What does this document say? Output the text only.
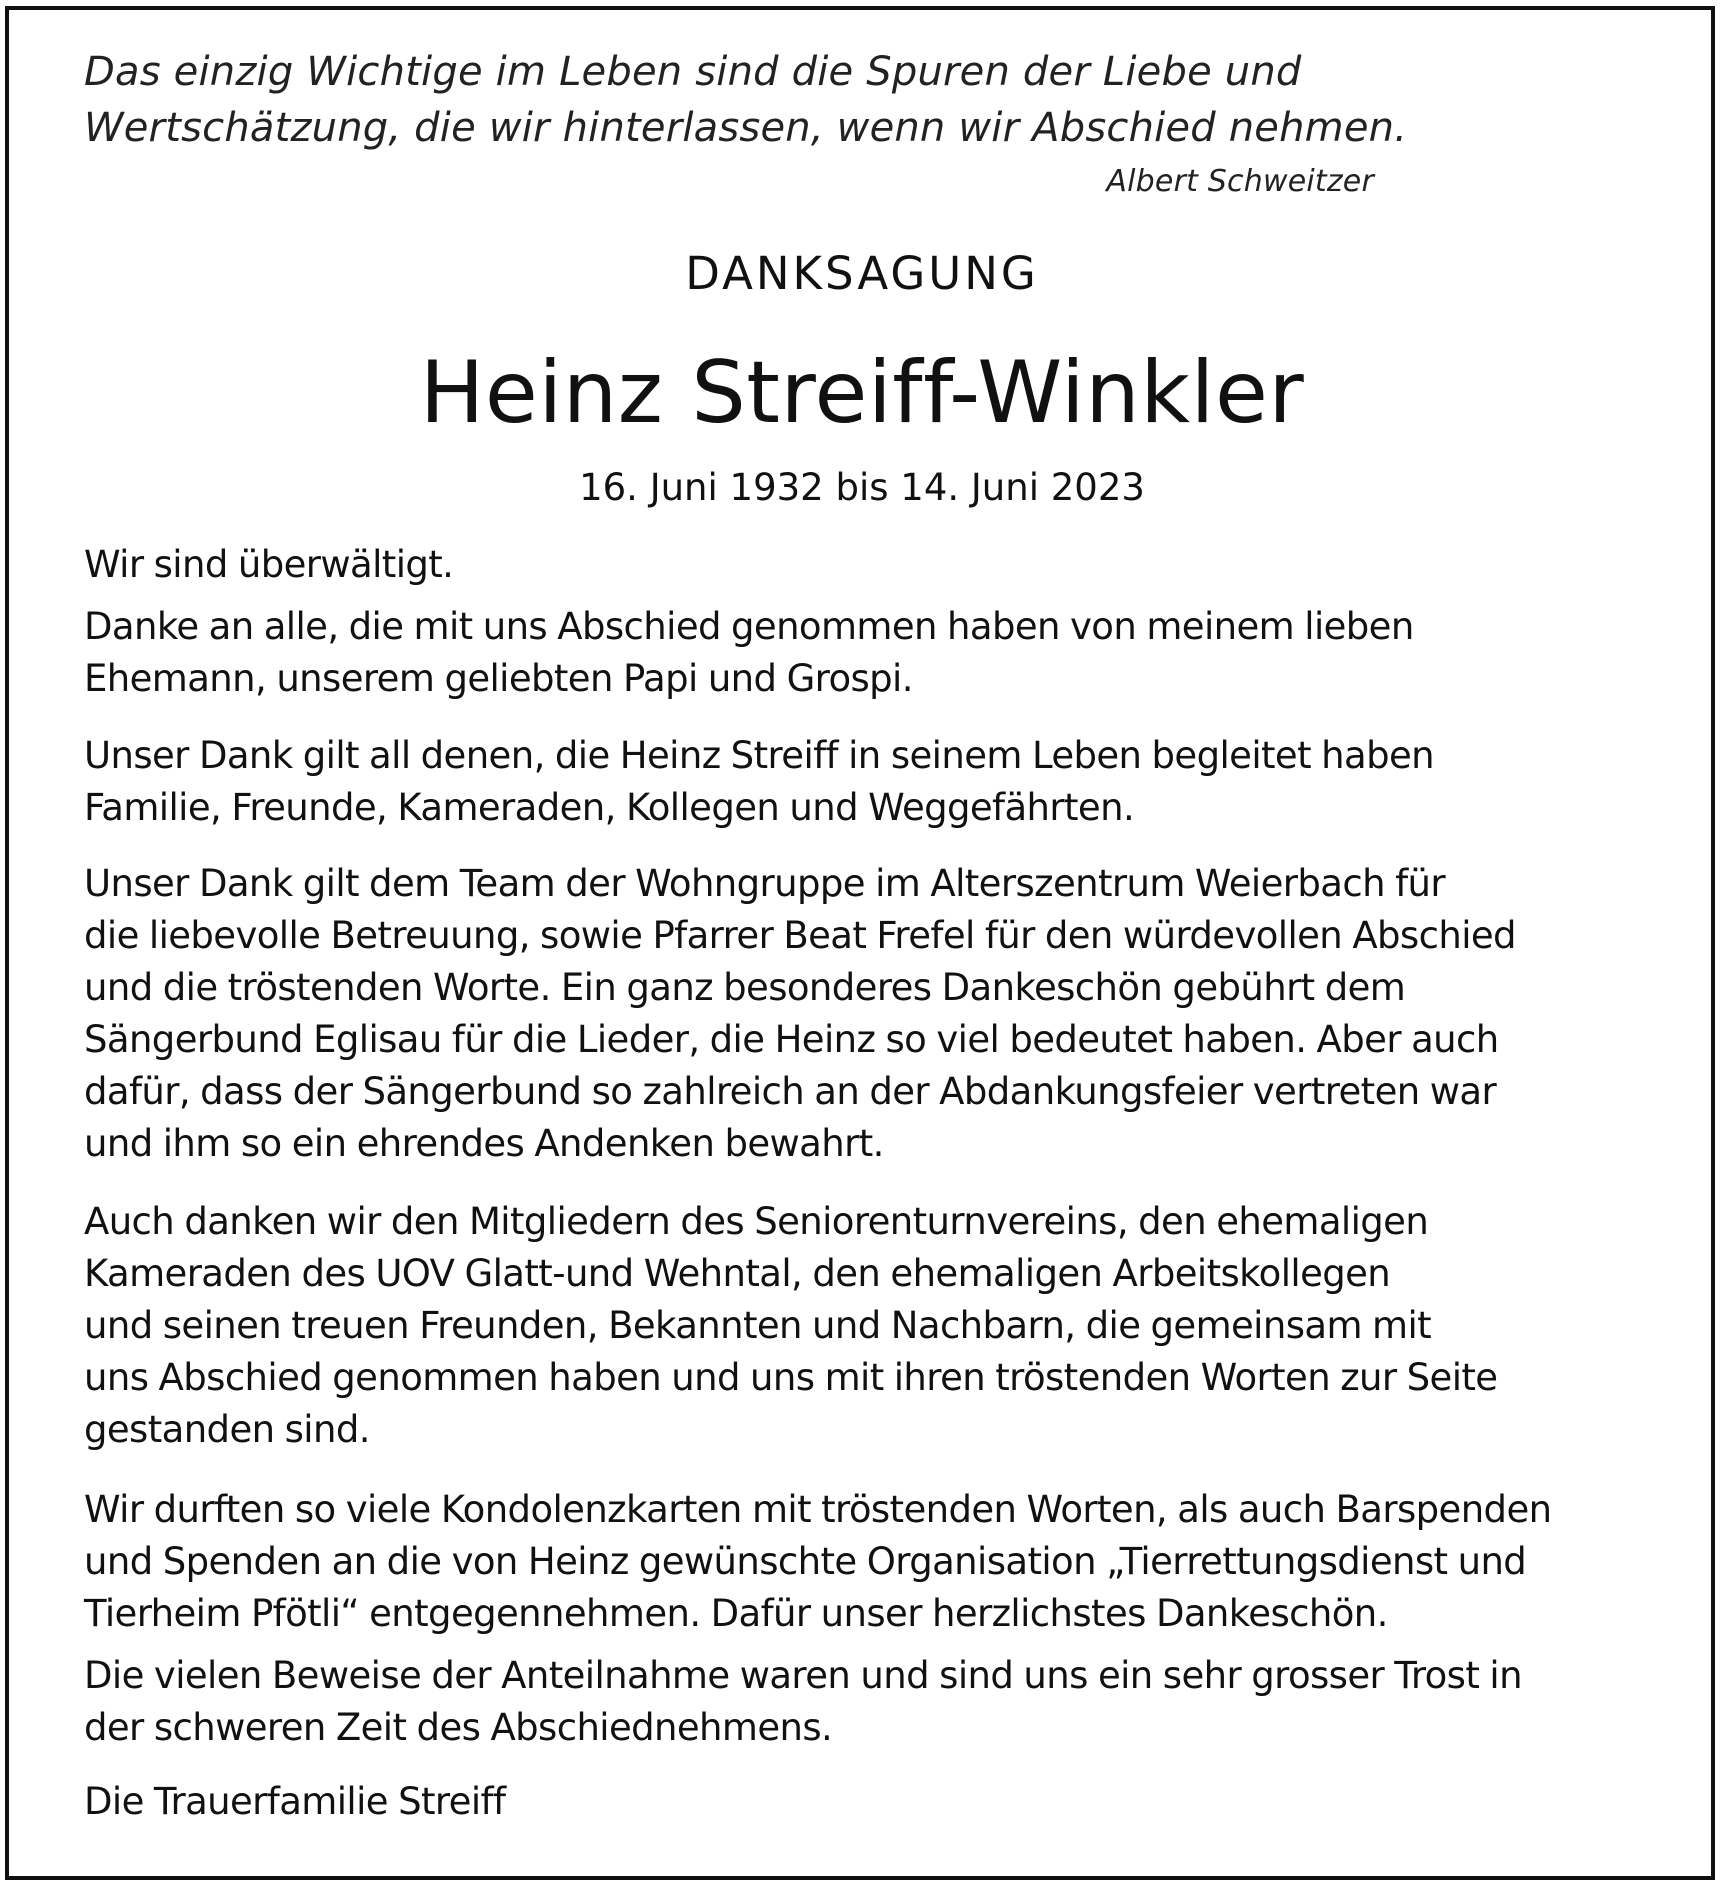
Das einzig Wichtige im Leben sind die Spuren der Liebe und
Wertschätzung, die wir hinterlassen, wenn wir Abschied nehmen.
Albert Schweitzer
DANKSAGUNG
Heinz Streiff-Winkler
16. Juni 1932 bis 14. Juni 2023
Wir sind überwältigt.
Danke an alle, die mit uns Abschied genommen haben von meinem lieben
Ehemann, unserem geliebten Papi und Grospi.
Unser Dank gilt all denen, die Heinz Streiff in seinem Leben begleitet haben
Familie, Freunde, Kameraden, Kollegen und Weggefährten.
Unser Dank gilt dem Team der Wohngruppe im Alterszentrum Weierbach für
die liebevolle Betreuung, sowie Pfarrer Beat Frefel für den würdevollen Abschied
und die tröstenden Worte. Ein ganz besonderes Dankeschön gebührt dem
Sängerbund Eglisau für die Lieder, die Heinz so viel bedeutet haben. Aber auch
dafür, dass der Sängerbund so zahlreich an der Abdankungsfeier vertreten war
und ihm so ein ehrendes Andenken bewahrt.
Auch danken wir den Mitgliedern des Seniorenturnvereins, den ehemaligen
Kameraden des UOV Glatt-und Wehntal, den ehemaligen Arbeitskollegen
und seinen treuen Freunden, Bekannten und Nachbarn, die gemeinsam mit
uns Abschied genommen haben und uns mit ihren tröstenden Worten zur Seite
gestanden sind.
Wir durften so viele Kondolenzkarten mit tröstenden Worten, als auch Barspenden
und Spenden an die von Heinz gewünschte Organisation „Tierrettungsdienst und
Tierheim Pfötli“ entgegennehmen. Dafür unser herzlichstes Dankeschön.
Die vielen Beweise der Anteilnahme waren und sind uns ein sehr grosser Trost in
der schweren Zeit des Abschiednehmens.
Die Trauerfamilie Streiff
